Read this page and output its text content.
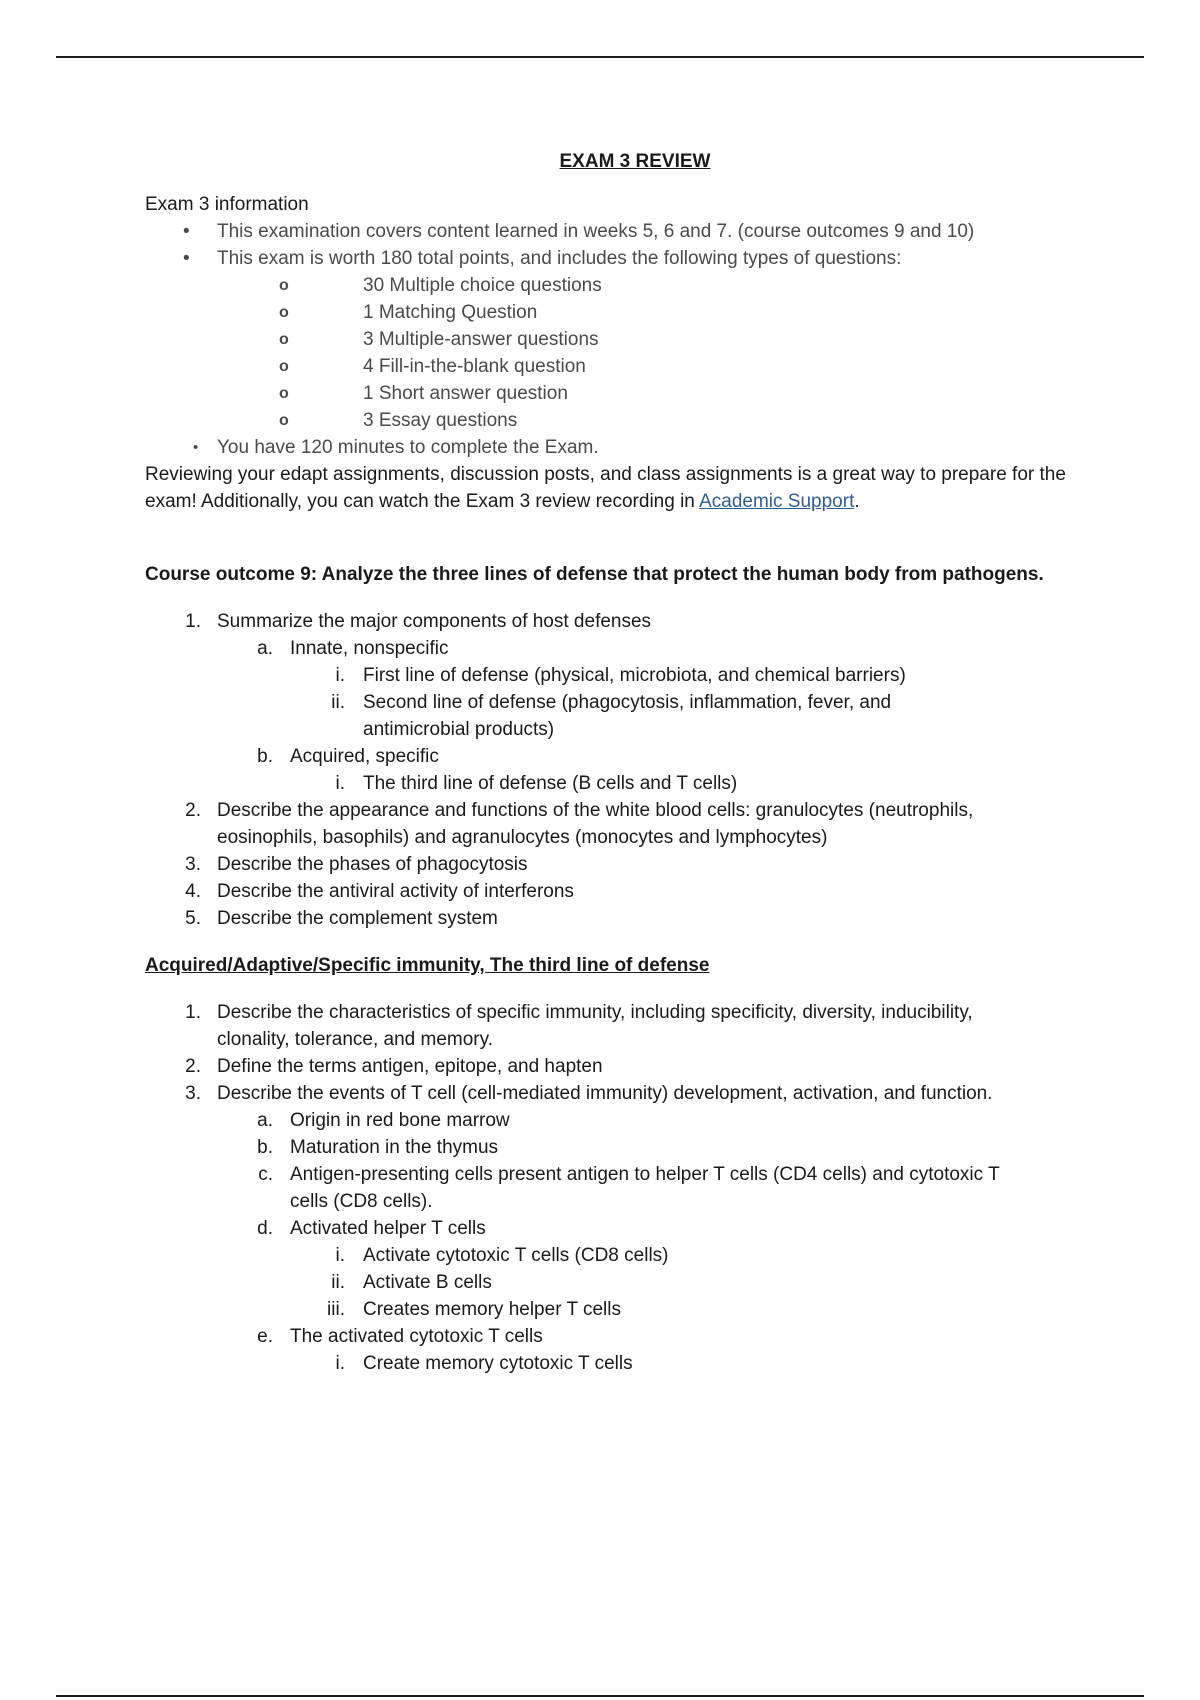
EXAM 3 REVIEW

Exam 3 information

• This examination covers content learned in weeks 5, 6 and 7. (course outcomes 9 and 10)

• This exam is worth 180 total points, and includes the following types of questions:

o	30 Multiple choice questions

o	1 Matching Question

o	3 Multiple-answer questions

o	4 Fill-in-the-blank question

o	1 Short answer question

o	3 Essay questions

• You have 120 minutes to complete the Exam.

Reviewing your edapt assignments, discussion posts, and class assignments is a great way to prepare for the exam! Additionally, you can watch the Exam 3 review recording in Academic Support.

Course outcome 9: Analyze the three lines of defense that protect the human body from pathogens.

1. Summarize the major components of host defenses

a. Innate, nonspecific

i. First line of defense (physical, microbiota, and chemical barriers)

ii. Second line of defense (phagocytosis, inflammation, fever, and antimicrobial products)

b. Acquired, specific

i. The third line of defense (B cells and T cells)

2. Describe the appearance and functions of the white blood cells: granulocytes (neutrophils, eosinophils, basophils) and agranulocytes (monocytes and lymphocytes)

3. Describe the phases of phagocytosis

4. Describe the antiviral activity of interferons

5. Describe the complement system

Acquired/Adaptive/Specific immunity, The third line of defense

1. Describe the characteristics of specific immunity, including specificity, diversity, inducibility, clonality, tolerance, and memory.

2. Define the terms antigen, epitope, and hapten

3. Describe the events of T cell (cell-mediated immunity) development, activation, and function.

a. Origin in red bone marrow

b. Maturation in the thymus

c. Antigen-presenting cells present antigen to helper T cells (CD4 cells) and cytotoxic T cells (CD8 cells).

d. Activated helper T cells

i. Activate cytotoxic T cells (CD8 cells)

ii. Activate B cells

iii. Creates memory helper T cells

e. The activated cytotoxic T cells

i. Create memory cytotoxic T cells
